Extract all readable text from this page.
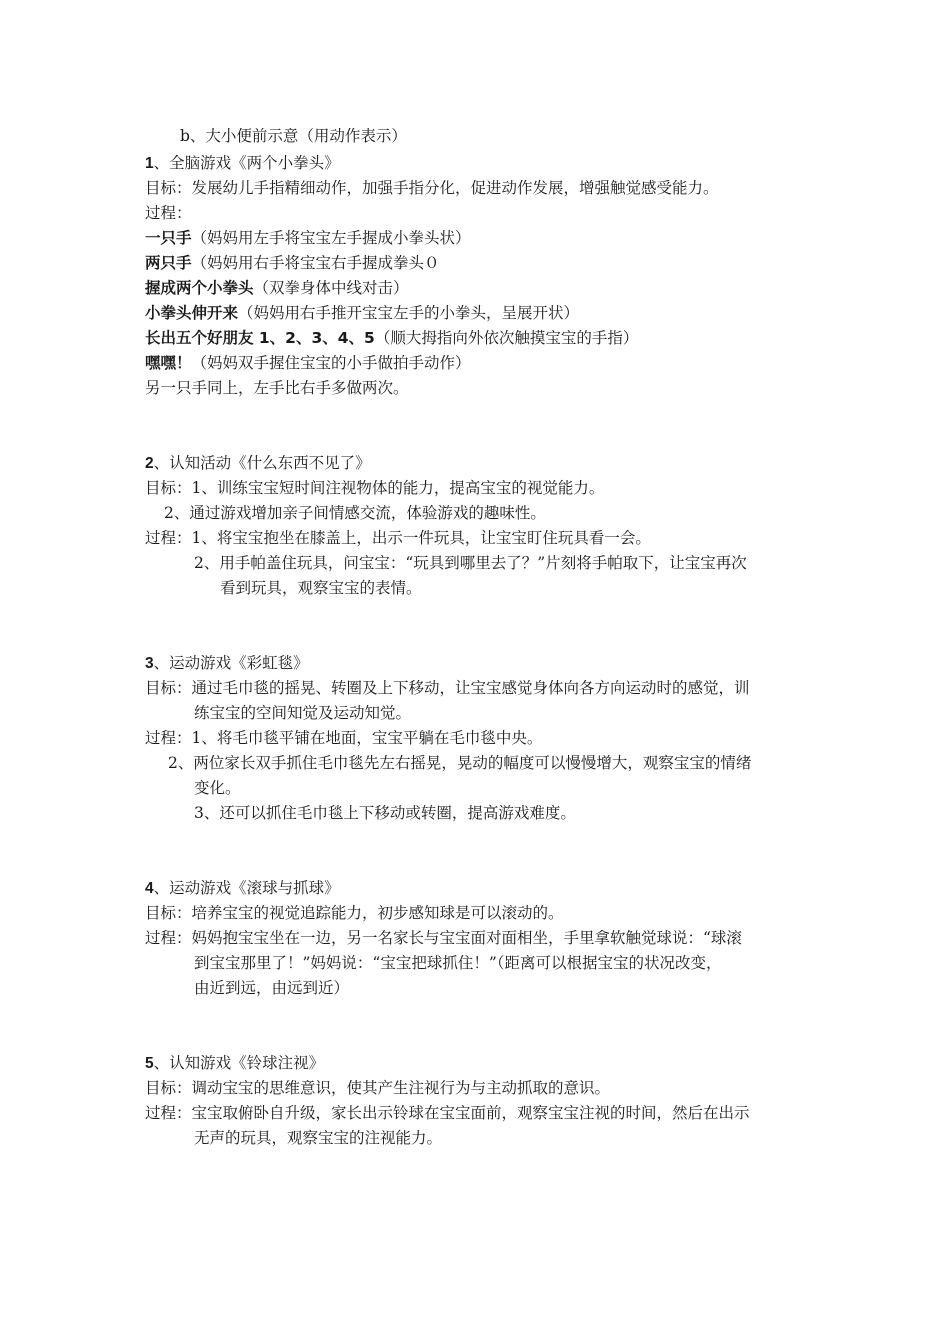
b、大小便前示意（用动作表示）
1、全脑游戏《两个小拳头》
目标：发展幼儿手指精细动作，加强手指分化，促进动作发展，增强触觉感受能力。
过程：
一只手（妈妈用左手将宝宝左手握成小拳头状）
两只手（妈妈用右手将宝宝右手握成拳头０
握成两个小拳头（双拳身体中线对击）
小拳头伸开来（妈妈用右手推开宝宝左手的小拳头，呈展开状）
长出五个好朋友 1、2、3、4、5（顺大拇指向外依次触摸宝宝的手指）
嘿嘿！（妈妈双手握住宝宝的小手做拍手动作）
另一只手同上，左手比右手多做两次。
2、认知活动《什么东西不见了》
目标：1、训练宝宝短时间注视物体的能力，提高宝宝的视觉能力。
2、通过游戏增加亲子间情感交流，体验游戏的趣味性。
过程：1、将宝宝抱坐在膝盖上，出示一件玩具，让宝宝盯住玩具看一会。
2、用手帕盖住玩具，问宝宝：“玩具到哪里去了？”片刻将手帕取下，让宝宝再次
看到玩具，观察宝宝的表情。
3、运动游戏《彩虹毯》
目标：通过毛巾毯的摇晃、转圈及上下移动，让宝宝感觉身体向各方向运动时的感觉，训
练宝宝的空间知觉及运动知觉。
过程：1、将毛巾毯平铺在地面，宝宝平躺在毛巾毯中央。
2、两位家长双手抓住毛巾毯先左右摇晃，晃动的幅度可以慢慢增大，观察宝宝的情绪
变化。
3、还可以抓住毛巾毯上下移动或转圈，提高游戏难度。
4、运动游戏《滚球与抓球》
目标：培养宝宝的视觉追踪能力，初步感知球是可以滚动的。
过程：妈妈抱宝宝坐在一边，另一名家长与宝宝面对面相坐，手里拿软触觉球说：“球滚
到宝宝那里了！”妈妈说：“宝宝把球抓住！”（距离可以根据宝宝的状况改变，
由近到远，由远到近）
5、认知游戏《铃球注视》
目标：调动宝宝的思维意识，使其产生注视行为与主动抓取的意识。
过程：宝宝取俯卧自升级，家长出示铃球在宝宝面前，观察宝宝注视的时间，然后在出示
无声的玩具，观察宝宝的注视能力。
